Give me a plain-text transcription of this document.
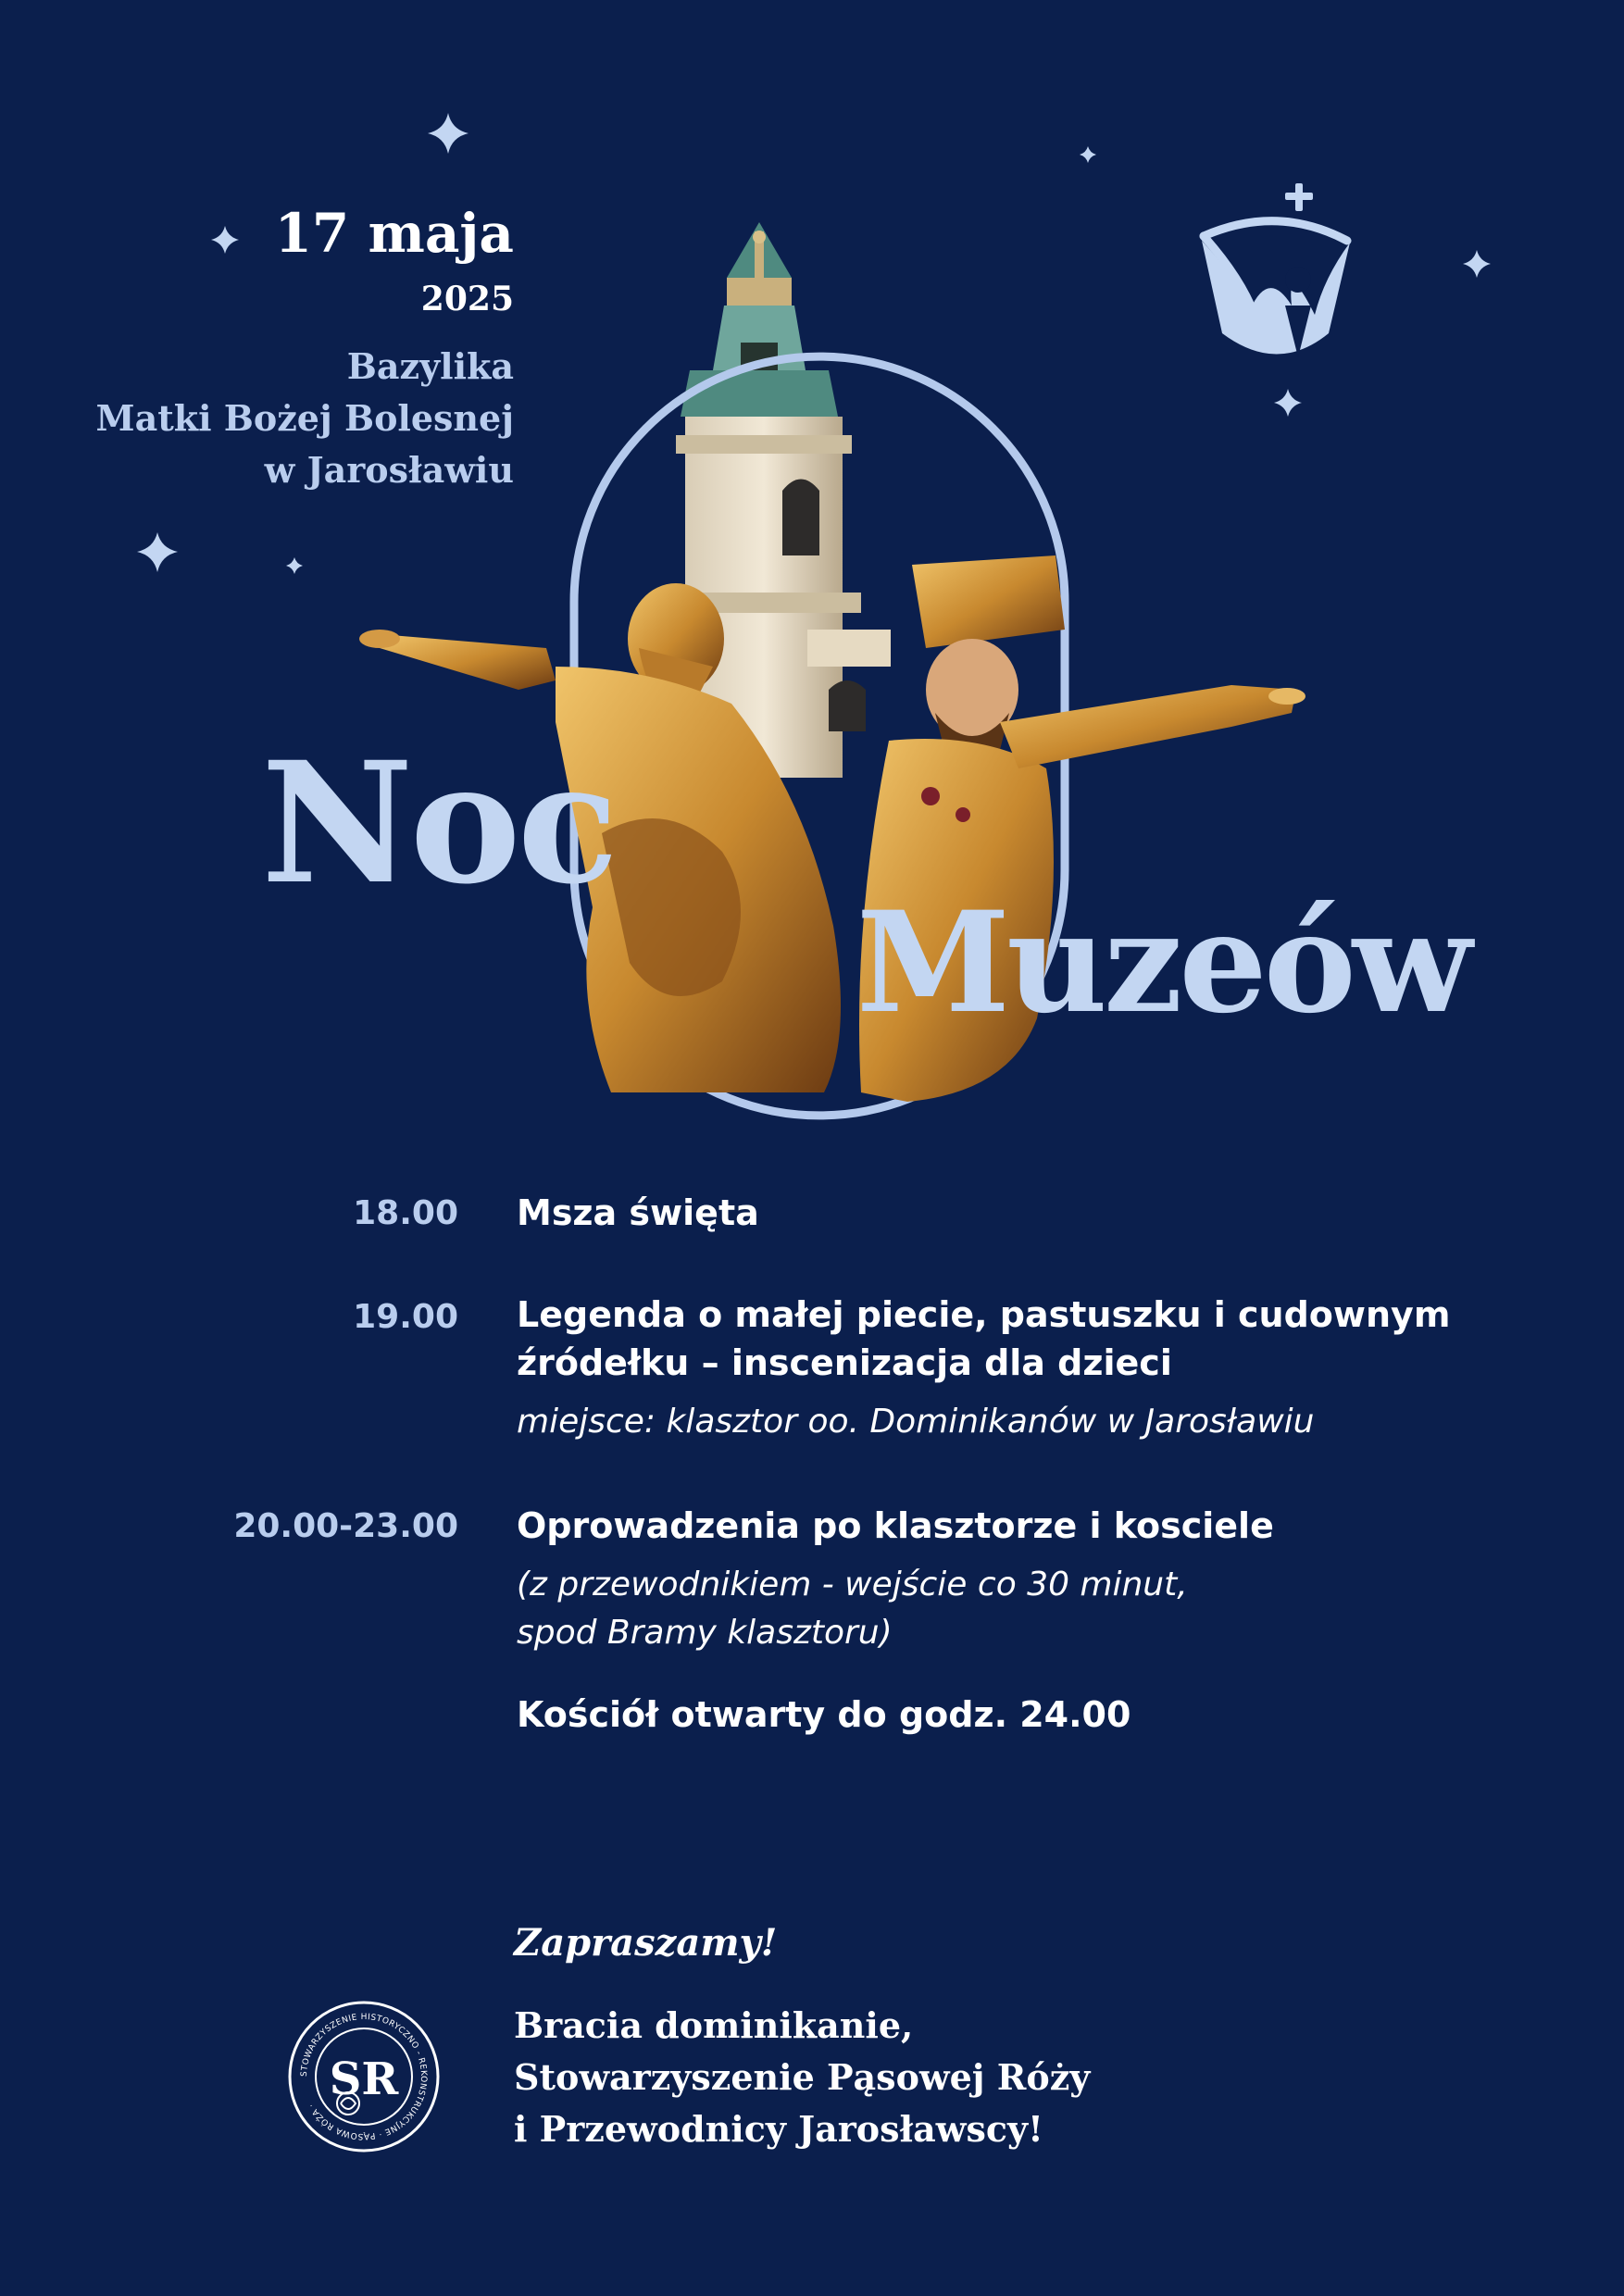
17 maja
2025
Bazylika
Matki Bożej Bolesnej
w Jarosławiu
Noc
Muzeów
18.00 Msza święta
19.00 Legenda o małej piecie, pastuszku i cudownym
źródełku – inscenizacja dla dzieci
miejsce: klasztor oo. Dominikanów w Jarosławiu
20.00-23.00 Oprowadzenia po klasztorze i kosciele
(z przewodnikiem - wejście co 30 minut,
spod Bramy klasztoru)
Kościół otwarty do godz. 24.00
Zapraszamy!
STOWARZYSZENIE HISTORYCZNO - REKONSTRUKCYJNE · PĄSOWA RÓŻA · SR
Bracia dominikanie,
Stowarzyszenie Pąsowej Róży
i Przewodnicy Jarosławscy!
